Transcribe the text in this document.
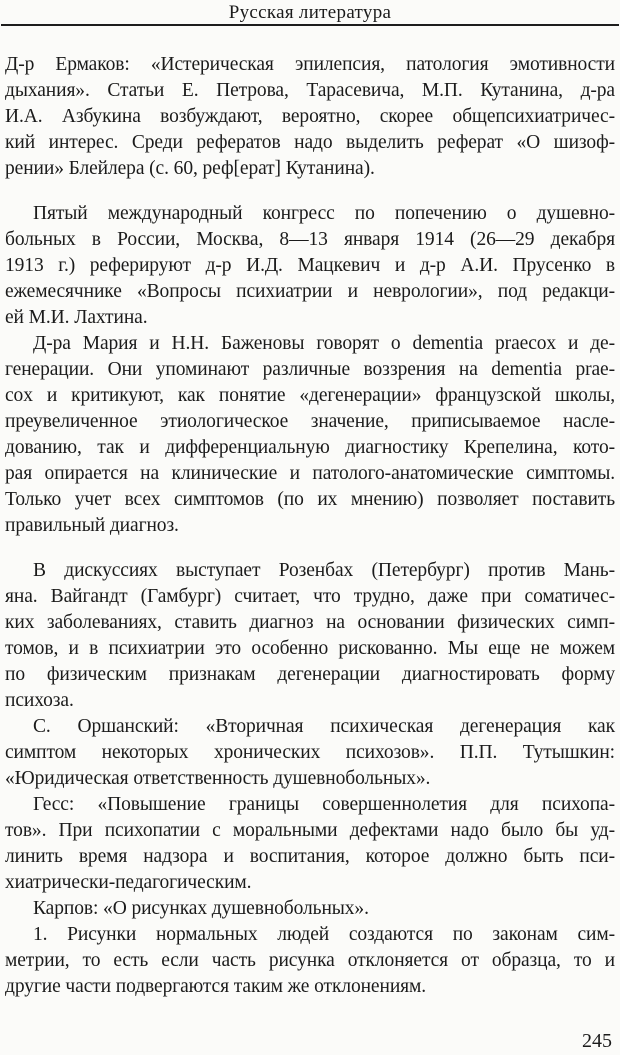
Русская литература
Д-р Ермаков: «Истерическая эпилепсия, патология эмотивности
дыхания». Статьи Е. Петрова, Тарасевича, М.П. Кутанина, д-ра
И.А. Азбукина возбуждают, вероятно, скорее общепсихиатричес-
кий интерес. Среди рефератов надо выделить реферат «О шизоф-
рении» Блейлера (с. 60, реф[ерат] Кутанина).
Пятый международный конгресс по попечению о душевно-
больных в России, Москва, 8—13 января 1914 (26—29 декабря
1913 г.) реферируют д-р И.Д. Мацкевич и д-р А.И. Прусенко в
ежемесячнике «Вопросы психиатрии и неврологии», под редакци-
ей М.И. Лахтина.
Д-ра Мария и Н.Н. Баженовы говорят о dementia praecox и де-
генерации. Они упоминают различные воззрения на dementia prae-
cox и критикуют, как понятие «дегенерации» французской школы,
преувеличенное этиологическое значение, приписываемое насле-
дованию, так и дифференциальную диагностику Крепелина, кото-
рая опирается на клинические и патолого-анатомические симптомы.
Только учет всех симптомов (по их мнению) позволяет поставить
правильный диагноз.
В дискуссиях выступает Розенбах (Петербург) против Мань-
яна. Вайгандт (Гамбург) считает, что трудно, даже при соматичес-
ких заболеваниях, ставить диагноз на основании физических симп-
томов, и в психиатрии это особенно рискованно. Мы еще не можем
по физическим признакам дегенерации диагностировать форму
психоза.
С. Оршанский: «Вторичная психическая дегенерация как
симптом некоторых хронических психозов». П.П. Тутышкин:
«Юридическая ответственность душевнобольных».
Гесс: «Повышение границы совершеннолетия для психопа-
тов». При психопатии с моральными дефектами надо было бы уд-
линить время надзора и воспитания, которое должно быть пси-
хиатрически-педагогическим.
Карпов: «О рисунках душевнобольных».
1. Рисунки нормальных людей создаются по законам сим-
метрии, то есть если часть рисунка отклоняется от образца, то и
другие части подвергаются таким же отклонениям.
245
